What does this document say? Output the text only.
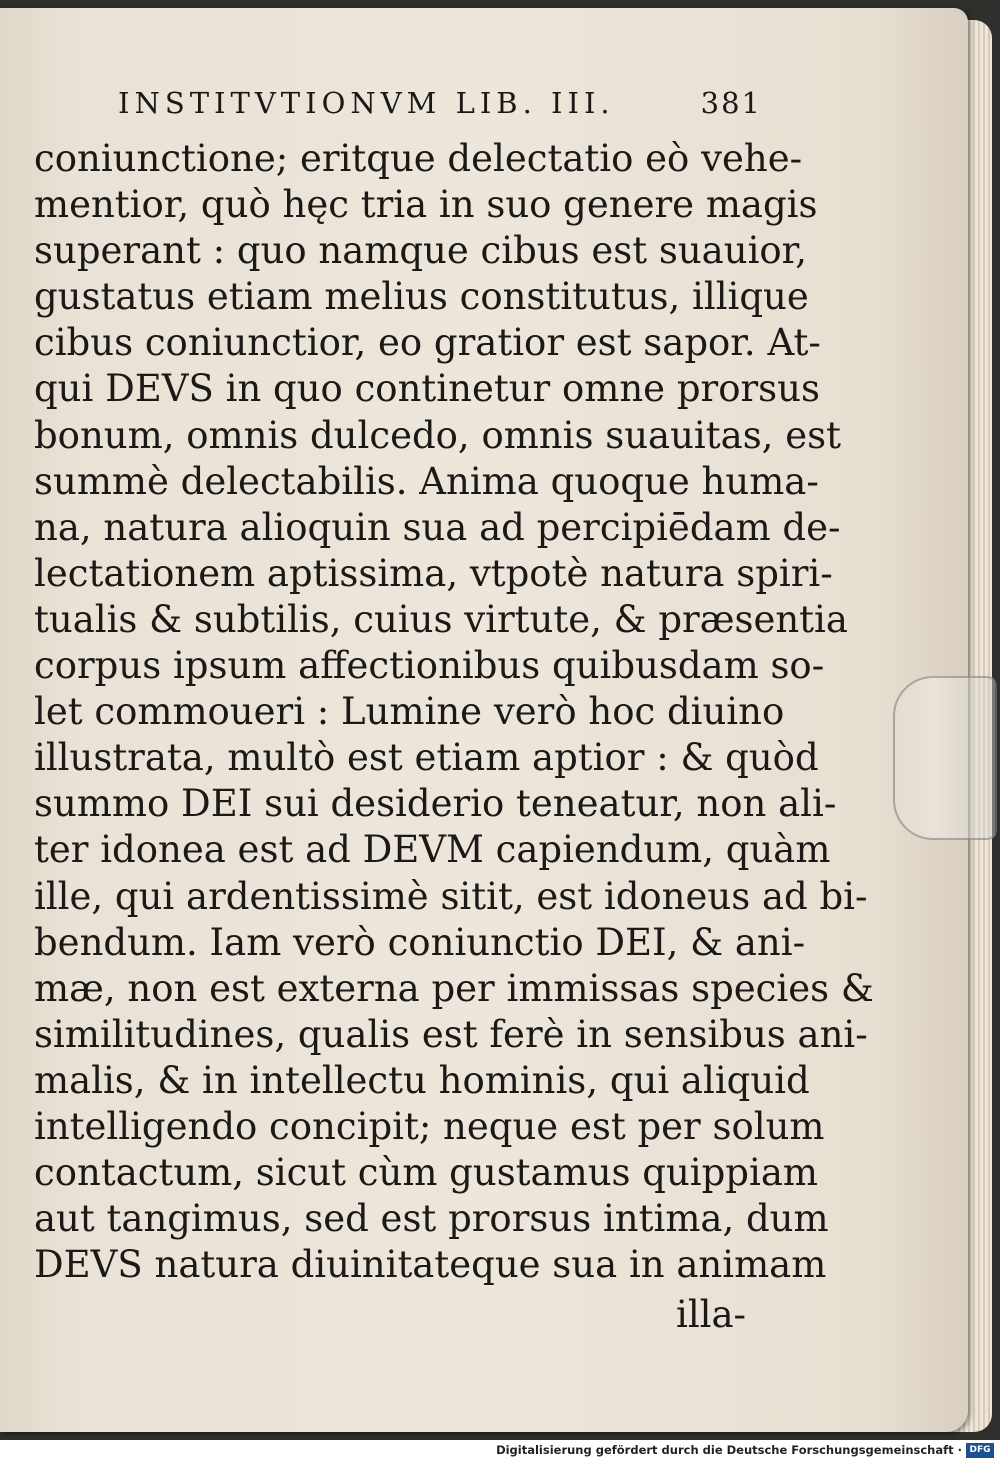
INSTITVTIONVM LIB. III.	381
coniunctione; eritque delectatio eò vehe-
mentior, quò hęc tria in suo genere magis
superant : quo namque cibus est suauior,
gustatus etiam melius constitutus, illique
cibus coniunctior, eo gratior est sapor. At-
qui DEVS in quo continetur omne prorsus
bonum, omnis dulcedo, omnis suauitas, est
summè delectabilis. Anima quoque huma-
na, natura alioquin sua ad percipiēdam de-
lectationem aptissima, vtpotè natura spiri-
tualis & subtilis, cuius virtute, & præsentia
corpus ipsum affectionibus quibusdam so-
let commoueri : Lumine verò hoc diuino
illustrata, multò est etiam aptior : & quòd
summo DEI sui desiderio teneatur, non ali-
ter idonea est ad DEVM capiendum, quàm
ille, qui ardentissimè sitit, est idoneus ad bi-
bendum. Iam verò coniunctio DEI, & ani-
mæ, non est externa per immissas species &
similitudines, qualis est ferè in sensibus ani-
malis, & in intellectu hominis, qui aliquid
intelligendo concipit; neque est per solum
contactum, sicut cùm gustamus quippiam
aut tangimus, sed est prorsus intima, dum
DEVS natura diuinitateque sua in animam
illa-
Digitalisierung gefördert durch die Deutsche Forschungsgemeinschaft · DFG
